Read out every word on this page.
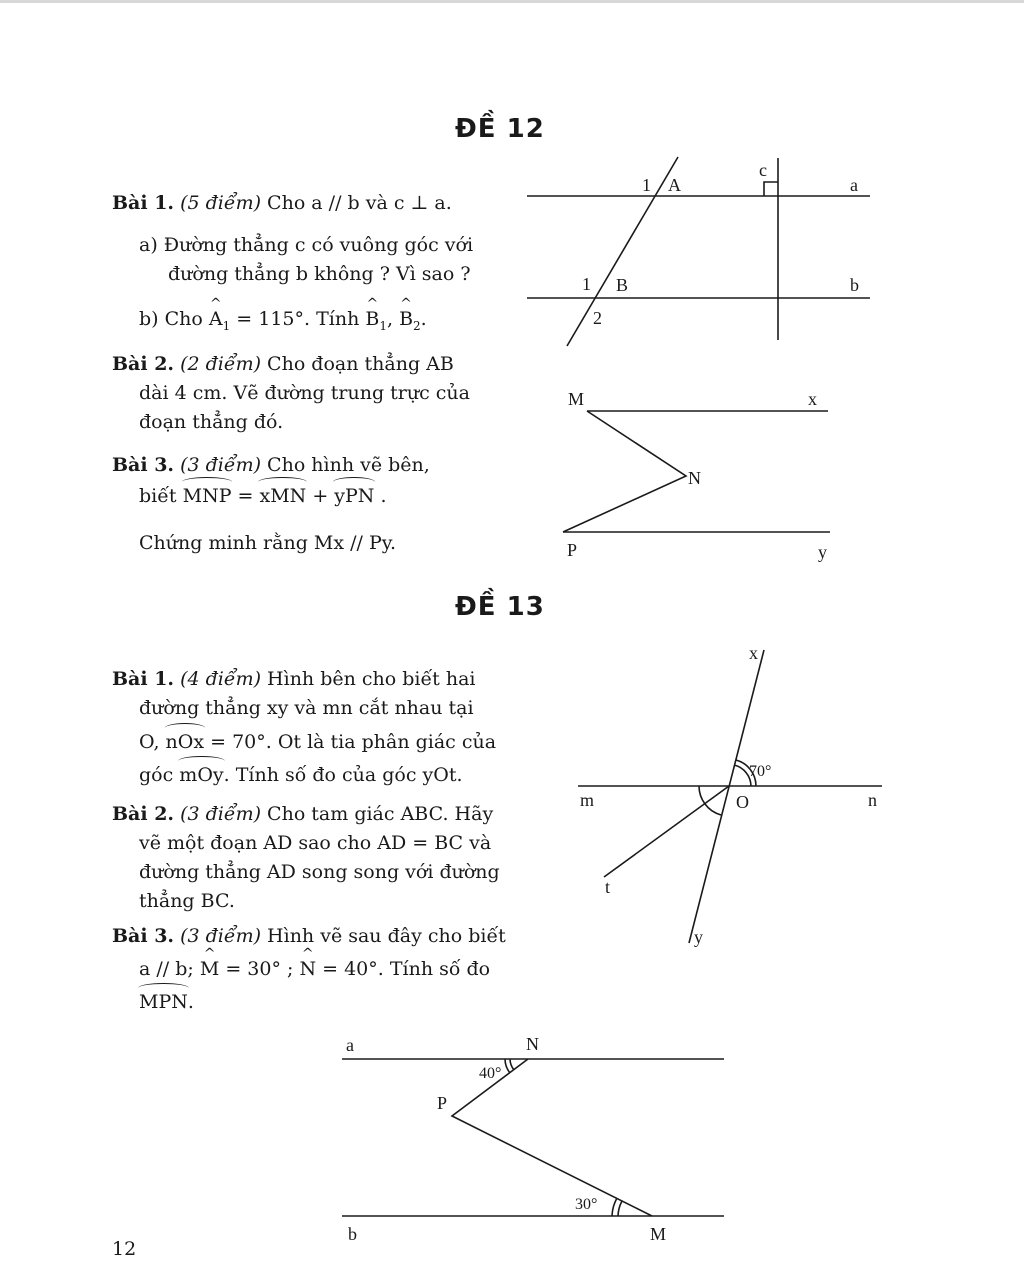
ĐỀ 12
Bài 1. (5 điểm) Cho a // b và c ⊥ a.
a) Đường thẳng c có vuông góc với
đường thẳng b không ? Vì sao ?
b) Cho ^ $A_1 = 115^\circ$. Tính ^ $B_1$, ^ $B_2$.
Bài 2. (2 điểm) Cho đoạn thẳng AB
dài 4 cm. Vẽ đường trung trực của
đoạn thẳng đó.
Bài 3. (3 điểm) Cho hình vẽ bên,
biết MNP = xMN + yPN .
Chứng minh rằng Mx // Py.
ĐỀ 13
Bài 1. (4 điểm) Hình bên cho biết hai
đường thẳng xy và mn cắt nhau tại
O, nOx = 70°. Ot là tia phân giác của
góc mOy. Tính số đo của góc yOt.
Bài 2. (3 điểm) Cho tam giác ABC. Hãy
vẽ một đoạn AD sao cho AD = BC và
đường thẳng AD song song với đường
thẳng BC.
Bài 3. (3 điểm) Hình vẽ sau đây cho biết
a // b; ^ M = 30° ; ^ N = 40°. Tính số đo
MPN.
12
1 A
c
a
1 B	b
2
M	x
N
P	y
x
70°
m	O	n
t
y
a	N
40°
P
30°
b	M
